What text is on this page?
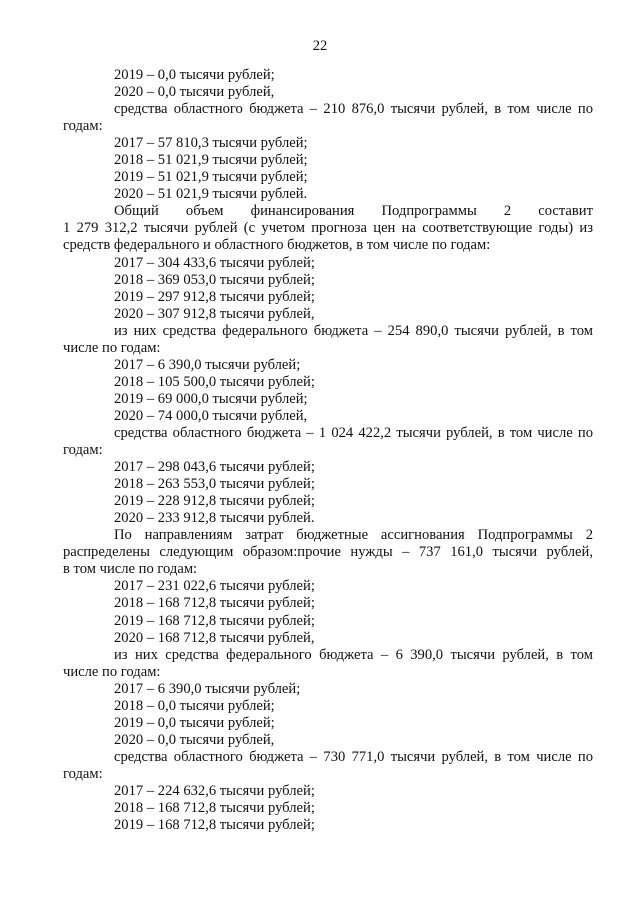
22
2019 – 0,0 тысячи рублей;
2020 – 0,0 тысячи рублей,
средства областного бюджета – 210 876,0 тысячи рублей, в том числе по
годам:
2017 – 57 810,3 тысячи рублей;
2018 – 51 021,9 тысячи рублей;
2019 – 51 021,9 тысячи рублей;
2020 – 51 021,9 тысячи рублей.
Общий объем финансирования Подпрограммы 2 составит
1 279 312,2 тысячи рублей (с учетом прогноза цен на соответствующие годы) из
средств федерального и областного бюджетов, в том числе по годам:
2017 – 304 433,6 тысячи рублей;
2018 – 369 053,0 тысячи рублей;
2019 – 297 912,8 тысячи рублей;
2020 – 307 912,8 тысячи рублей,
из них средства федерального бюджета – 254 890,0 тысячи рублей, в том
числе по годам:
2017 – 6 390,0 тысячи рублей;
2018 – 105 500,0 тысячи рублей;
2019 – 69 000,0 тысячи рублей;
2020 – 74 000,0 тысячи рублей,
средства областного бюджета – 1 024 422,2 тысячи рублей, в том числе по
годам:
2017 – 298 043,6 тысячи рублей;
2018 – 263 553,0 тысячи рублей;
2019 – 228 912,8 тысячи рублей;
2020 – 233 912,8 тысячи рублей.
По направлениям затрат бюджетные ассигнования Подпрограммы 2
распределены следующим образом:прочие нужды – 737 161,0 тысячи рублей,
в том числе по годам:
2017 – 231 022,6 тысячи рублей;
2018 – 168 712,8 тысячи рублей;
2019 – 168 712,8 тысячи рублей;
2020 – 168 712,8 тысячи рублей,
из них средства федерального бюджета – 6 390,0 тысячи рублей, в том
числе по годам:
2017 – 6 390,0 тысячи рублей;
2018 – 0,0 тысячи рублей;
2019 – 0,0 тысячи рублей;
2020 – 0,0 тысячи рублей,
средства областного бюджета – 730 771,0 тысячи рублей, в том числе по
годам:
2017 – 224 632,6 тысячи рублей;
2018 – 168 712,8 тысячи рублей;
2019 – 168 712,8 тысячи рублей;
